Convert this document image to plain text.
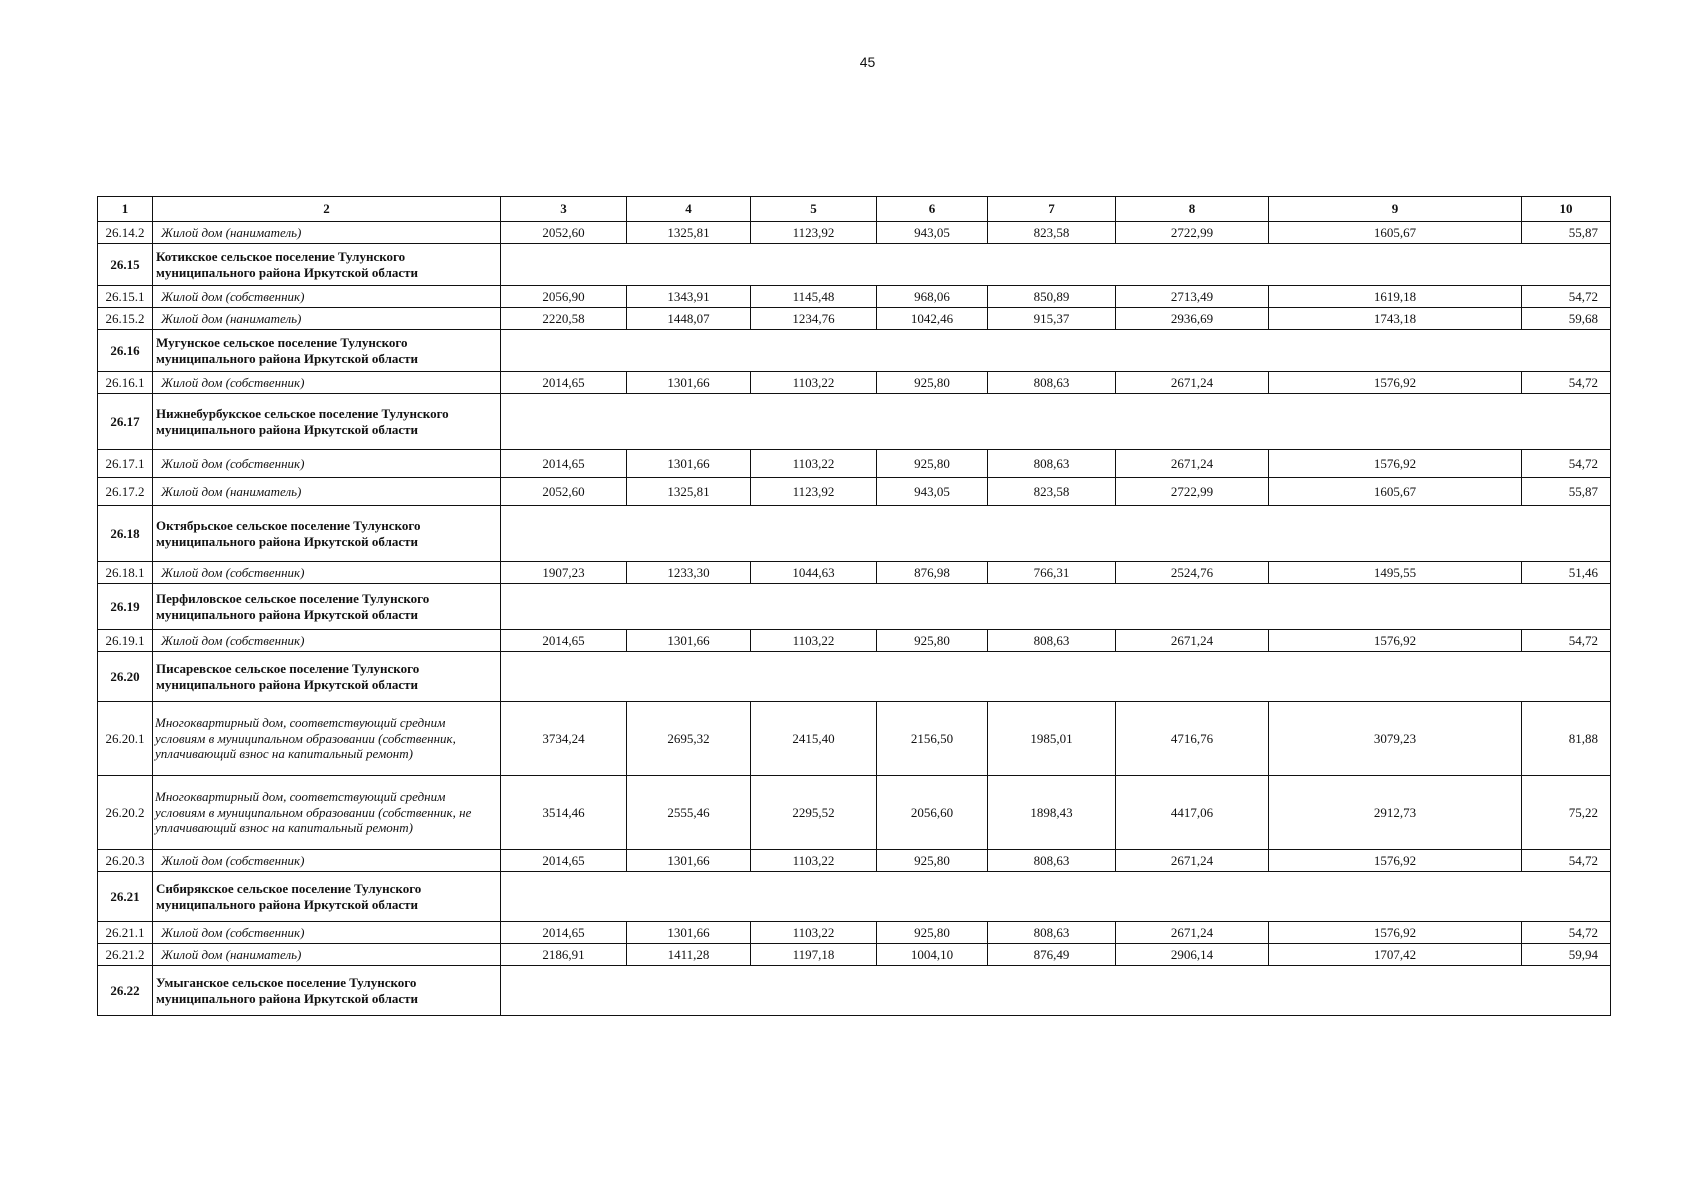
45
1	2	3	4	5	6	7	8	9	10
26.14.2	Жилой дом (наниматель)	2052,60	1325,81	1123,92	943,05	823,58	2722,99	1605,67	55,87
26.15	Котикское сельское поселение Тулунского муниципального района Иркутской области								

26.15.1	Жилой дом (собственник)	2056,90	1343,91	1145,48	968,06	850,89	2713,49	1619,18	54,72
26.15.2	Жилой дом (наниматель)	2220,58	1448,07	1234,76	1042,46	915,37	2936,69	1743,18	59,68
26.16	Мугунское сельское поселение Тулунского муниципального района Иркутской области								

26.16.1	Жилой дом (собственник)	2014,65	1301,66	1103,22	925,80	808,63	2671,24	1576,92	54,72
26.17	Нижнебурбукское сельское поселение Тулунского муниципального района Иркутской области								

26.17.1	Жилой дом (собственник)	2014,65	1301,66	1103,22	925,80	808,63	2671,24	1576,92	54,72
26.17.2	Жилой дом (наниматель)	2052,60	1325,81	1123,92	943,05	823,58	2722,99	1605,67	55,87
26.18	Октябрьское сельское поселение Тулунского муниципального района Иркутской области								

26.18.1	Жилой дом (собственник)	1907,23	1233,30	1044,63	876,98	766,31	2524,76	1495,55	51,46
26.19	Перфиловское сельское поселение Тулунского муниципального района Иркутской области								

26.19.1	Жилой дом (собственник)	2014,65	1301,66	1103,22	925,80	808,63	2671,24	1576,92	54,72
26.20	Писаревское сельское поселение Тулунского муниципального района Иркутской области								

26.20.1	Многоквартирный дом, соответствующий средним условиям в муниципальном образовании (собственник, уплачивающий взнос на капитальный ремонт)	3734,24	2695,32	2415,40	2156,50	1985,01	4716,76	3079,23	81,88
26.20.2	Многоквартирный дом, соответствующий средним условиям в муниципальном образовании (собственник, не уплачивающий взнос на капитальный ремонт)	3514,46	2555,46	2295,52	2056,60	1898,43	4417,06	2912,73	75,22
26.20.3	Жилой дом (собственник)	2014,65	1301,66	1103,22	925,80	808,63	2671,24	1576,92	54,72
26.21	Сибирякское сельское поселение Тулунского муниципального района Иркутской области								

26.21.1	Жилой дом (собственник)	2014,65	1301,66	1103,22	925,80	808,63	2671,24	1576,92	54,72
26.21.2	Жилой дом (наниматель)	2186,91	1411,28	1197,18	1004,10	876,49	2906,14	1707,42	59,94
26.22	Умыганское сельское поселение Тулунского муниципального района Иркутской области								
